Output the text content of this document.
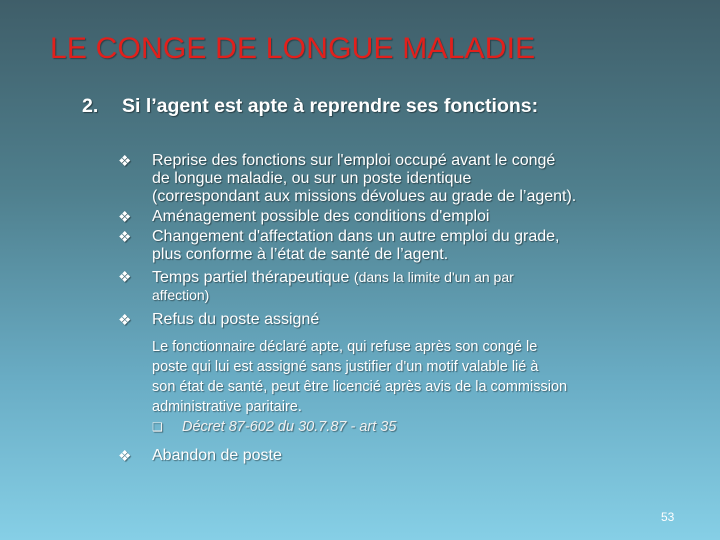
LE CONGE DE LONGUE MALADIE
2. Si l’agent est apte à reprendre ses fonctions:
❖ Reprise des fonctions sur l'emploi occupé avant le congé
de longue maladie, ou sur un poste identique
(correspondant aux missions dévolues au grade de l’agent).
❖ Aménagement possible des conditions d'emploi
❖ Changement d'affectation dans un autre emploi du grade,
plus conforme à l’état de santé de l’agent.
❖ Temps partiel thérapeutique (dans la limite d'un an par
affection)
❖ Refus du poste assigné
Le fonctionnaire déclaré apte, qui refuse après son congé le
poste qui lui est assigné sans justifier d'un motif valable lié à
son état de santé, peut être licencié après avis de la commission
administrative paritaire.
❑ Décret 87-602 du 30.7.87 - art 35
❖ Abandon de poste
53
